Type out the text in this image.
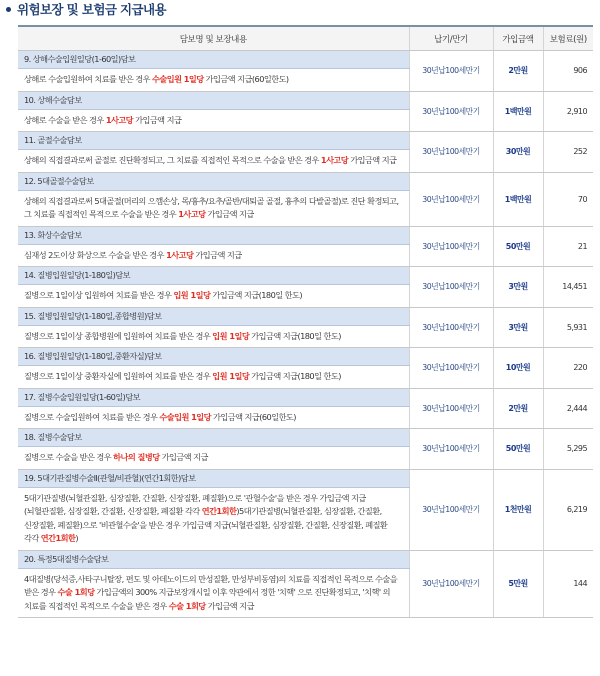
위험보장 및 보험금 지급내용
담보명 및 보장내용	납기/만기	가입금액	보험료(원)
9. 상해수술입원일당(1-60일)담보	30년납100세만기	2만원	906
상해로 수술입원하여 치료를 받은 경우 수술입원 1일당 가입금액 지급(60일한도)			
10. 상해수술담보	30년납100세만기	1백만원	2,910
상해로 수술을 받은 경우 1사고당 가입금액 지급			
11. 골절수술담보	30년납100세만기	30만원	252
상해의 직접결과로써 골절로 진단확정되고, 그 치료를 직접적인 목적으로 수술을 받은 경우 1사고당 가입금액 지급			
12. 5대골절수술담보	30년납100세만기	1백만원	70
상해의 직접결과로써 5대골절(머리의 으깸손상, 목/흉추/요추/골반/대퇴골 골절, 흉추의 다발골절)로 진단 확정되고, 그 치료를 직접적인 목적으로 수술을 받은 경우 1사고당 가입금액 지급			
13. 화상수술담보	30년납100세만기	50만원	21
심재성 2도이상 화상으로 수술을 받은 경우 1사고당 가입금액 지급			
14. 질병입원일당(1-180일)담보	30년납100세만기	3만원	14,451
질병으로 1일이상 입원하여 치료를 받은 경우 입원 1일당 가입금액 지급(180일 한도)			
15. 질병입원일당(1-180일,종합병원)담보	30년납100세만기	3만원	5,931
질병으로 1일이상 종합병원에 입원하여 치료를 받은 경우 입원 1일당 가입금액 지급(180일 한도)			
16. 질병입원일당(1-180일,중환자실)담보	30년납100세만기	10만원	220
질병으로 1일이상 중환자실에 입원하여 치료를 받은 경우 입원 1일당 가입금액 지급(180일 한도)			
17. 질병수술입원일당(1-60일)담보	30년납100세만기	2만원	2,444
질병으로 수술입원하여 치료를 받은 경우 수술입원 1일당 가입금액 지급(60일한도)			
18. 질병수술담보	30년납100세만기	50만원	5,295
질병으로 수술을 받은 경우 하나의 질병당 가입금액 지급			
19. 5대기관질병수술Ⅱ(관혈/비관혈)(연간1회한)담보	30년납100세만기	1천만원	6,219
5대기관질병(뇌혈관질환, 심장질환, 간질환, 신장질환, 폐질환)으로 '관혈수술'을 받은 경우 가입금액 지급(뇌혈관질환, 심장질환, 간질환, 신장질환, 폐질환 각각 연간1회한)5대기관질병(뇌혈관질환, 심장질환, 간질환, 신장질환, 폐질환)으로 '비관혈수술'을 받은 경우 가입금액 지급(뇌혈관질환, 심장질환, 간질환, 신장질환, 폐질환 각각 연간1회한)			
20. 특정5대질병수술담보	30년납100세만기	5만원	144
4대질병(당석증,사타구니탈장, 편도 및 아데노이드의 만성질환, 만성부비동염)의 치료를 직접적인 목적으로 수술을 받은 경우 수술 1회당 가입금액의 300% 지급보장개시일 이후 약관에서 정한 '치핵' 으로 진단확정되고, '치핵' 의 치료를 직접적인 목적으로 수술을 받은 경우 수술 1회당 가입금액 지급			
